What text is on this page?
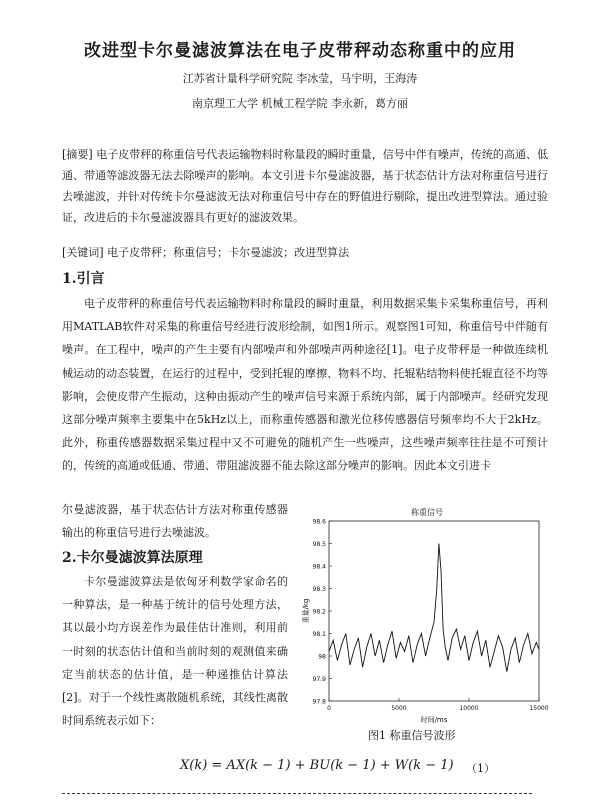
改进型卡尔曼滤波算法在电子皮带秤动态称重中的应用
江苏省计量科学研究院 李冰莹，马宇明，王海涛
南京理工大学 机械工程学院 李永新，葛方丽
[摘要] 电子皮带秤的称重信号代表运输物料时称量段的瞬时重量，信号中伴有噪声，传统的高通、低通、带通等滤波器无法去除噪声的影响。本文引进卡尔曼滤波器，基于状态估计方法对称重信号进行去噪滤波，并针对传统卡尔曼滤波无法对称重信号中存在的野值进行剔除，提出改进型算法。通过验证，改进后的卡尔曼滤波器具有更好的滤波效果。
[关键词] 电子皮带秤；称重信号；卡尔曼滤波；改进型算法
1.引言

电子皮带秤的称重信号代表运输物料时称量段的瞬时重量，利用数据采集卡采集称重信号，再利用MATLAB软件对采集的称重信号经进行波形绘制，如图1所示。观察图1可知，称重信号中伴随有噪声。在工程中，噪声的产生主要有内部噪声和外部噪声两种途径[1]。电子皮带秤是一种做连续机械运动的动态装置，在运行的过程中，受到托辊的摩擦、物料不均、托辊粘结物料使托辊直径不均等影响，会使皮带产生振动，这种由振动产生的噪声信号来源于系统内部，属于内部噪声。经研究发现这部分噪声频率主要集中在5kHz以上，而称重传感器和激光位移传感器信号频率均不大于2kHz。此外，称重传感器数据采集过程中又不可避免的随机产生一些噪声，这些噪声频率往往是不可预计的，传统的高通或低通、带通、带阻滤波器不能去除这部分噪声的影响。因此本文引进卡

尔曼滤波器，基于状态估计方法对称重传感器输出的称重信号进行去噪滤波。

2.卡尔曼滤波算法原理

卡尔曼滤波算法是依匈牙利数学家命名的一种算法，是一种基于统计的信号处理方法，其以最小均方误差作为最佳估计准则，利用前一时刻的状态估计值和当前时刻的观测值来确定当前状态的估计值，是一种递推估计算法[2]。对于一个线性离散随机系统，其线性离散时间系统表示如下：

称重信号
97.8
97.9
98
98.1
98.2
98.3
98.4
98.5
98.6
0	5000	10000	15000
重量/kg
时间/ms
图1 称重信号波形
X(k) = AX(k − 1) + BU(k − 1) + W(k − 1) （1）
